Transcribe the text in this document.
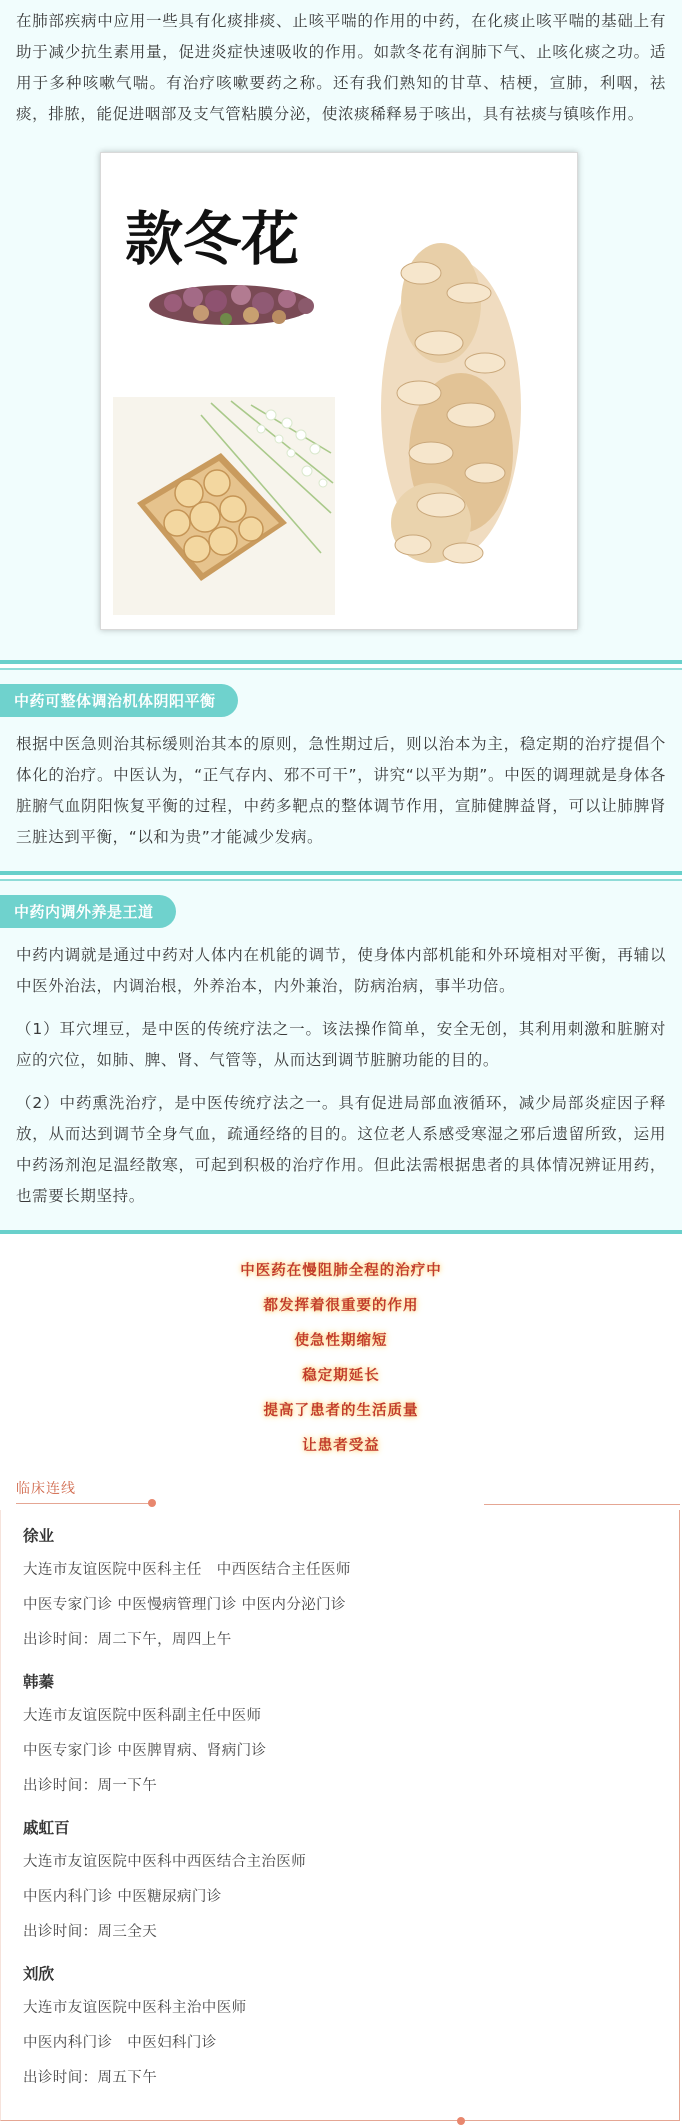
在肺部疾病中应用一些具有化痰排痰、止咳平喘的作用的中药，在化痰止咳平喘的基础上有助于减少抗生素用量，促进炎症快速吸收的作用。如款冬花有润肺下气、止咳化痰之功。适用于多种咳嗽气喘。有治疗咳嗽要药之称。还有我们熟知的甘草、桔梗，宣肺，利咽，祛痰，排脓，能促进咽部及支气管粘膜分泌，使浓痰稀释易于咳出，具有祛痰与镇咳作用。

款冬花
中药可整体调治机体阴阳平衡

根据中医急则治其标缓则治其本的原则，急性期过后，则以治本为主，稳定期的治疗提倡个体化的治疗。中医认为，“正气存内、邪不可干”，讲究“以平为期”。中医的调理就是身体各脏腑气血阴阳恢复平衡的过程，中药多靶点的整体调节作用，宣肺健脾益肾，可以让肺脾肾三脏达到平衡，“以和为贵”才能减少发病。

中药内调外养是王道

中药内调就是通过中药对人体内在机能的调节，使身体内部机能和外环境相对平衡，再辅以中医外治法，内调治根，外养治本，内外兼治，防病治病，事半功倍。

（1）耳穴埋豆，是中医的传统疗法之一。该法操作简单，安全无创，其利用刺激和脏腑对应的穴位，如肺、脾、肾、气管等，从而达到调节脏腑功能的目的。

（2）中药熏洗治疗，是中医传统疗法之一。具有促进局部血液循环，减少局部炎症因子释放，从而达到调节全身气血，疏通经络的目的。这位老人系感受寒湿之邪后遗留所致，运用中药汤剂泡足温经散寒，可起到积极的治疗作用。但此法需根据患者的具体情况辨证用药，也需要长期坚持。

中医药在慢阻肺全程的治疗中
都发挥着很重要的作用
使急性期缩短
稳定期延长
提高了患者的生活质量
让患者受益
临床连线
徐业
大连市友谊医院中医科主任　中西医结合主任医师
中医专家门诊 中医慢病管理门诊 中医内分泌门诊
出诊时间：周二下午，周四上午
韩蓁
大连市友谊医院中医科副主任中医师
中医专家门诊 中医脾胃病、肾病门诊
出诊时间：周一下午
戚虹百
大连市友谊医院中医科中西医结合主治医师
中医内科门诊 中医糖尿病门诊
出诊时间：周三全天
刘欣
大连市友谊医院中医科主治中医师
中医内科门诊　中医妇科门诊
出诊时间：周五下午
